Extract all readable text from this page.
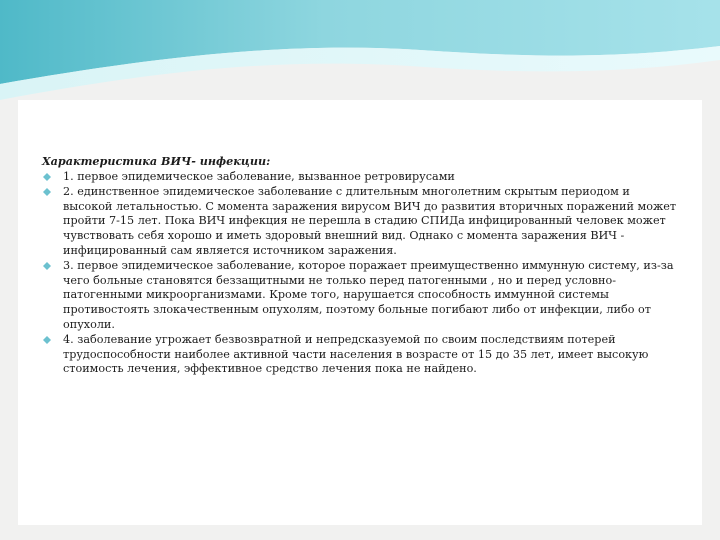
Характеристика ВИЧ- инфекции:

1. первое эпидемическое заболевание, вызванное ретровирусами
2. единственное эпидемическое заболевание с длительным многолетним скрытым периодом и высокой летальностью. С момента заражения вирусом ВИЧ до развития вторичных поражений может пройти 7-15 лет. Пока ВИЧ инфекция не перешла в стадию СПИДа инфицированный человек может чувствовать себя хорошо и иметь здоровый внешний вид. Однако с момента заражения ВИЧ - инфицированный сам является источником заражения.
3. первое эпидемическое заболевание, которое поражает преимущественно иммунную систему, из-за чего больные становятся беззащитными не только перед патогенными , но и перед условно-патогенными микроорганизмами. Кроме того, нарушается способность иммунной системы противостоять злокачественным опухолям, поэтому больные погибают либо от инфекции, либо от опухоли.
4. заболевание угрожает безвозвратной и непредсказуемой по своим последствиям потерей трудоспособности наиболее активной части населения в возрасте от 15 до 35 лет, имеет высокую стоимость лечения, эффективное средство лечения пока не найдено.
